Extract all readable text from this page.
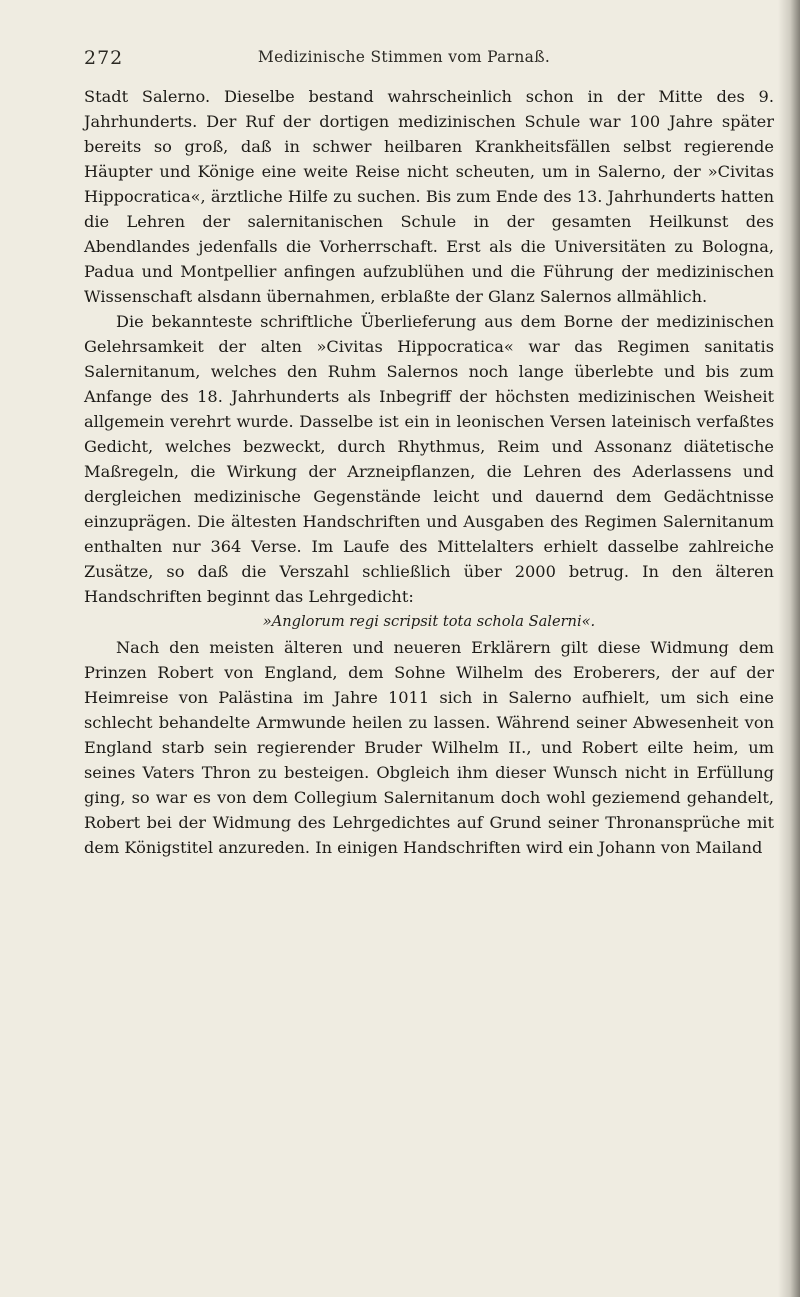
272	Medizinische Stimmen vom Parnaß.

Stadt Salerno. Dieselbe bestand wahrscheinlich schon in der Mitte des 9. Jahrhunderts. Der Ruf der dortigen medizinischen Schule war 100 Jahre später bereits so groß, daß in schwer heilbaren Krankheitsfällen selbst regierende Häupter und Könige eine weite Reise nicht scheuten, um in Salerno, der »Civitas Hippocratica«, ärztliche Hilfe zu suchen. Bis zum Ende des 13. Jahrhunderts hatten die Lehren der salernitanischen Schule in der gesamten Heilkunst des Abendlandes jedenfalls die Vorherrschaft. Erst als die Universitäten zu Bologna, Padua und Montpellier anfingen aufzublühen und die Führung der medizinischen Wissenschaft alsdann übernahmen, erblaßte der Glanz Salernos allmählich.

Die bekannteste schriftliche Überlieferung aus dem Borne der medizinischen Gelehrsamkeit der alten »Civitas Hippocratica« war das Regimen sanitatis Salernitanum, welches den Ruhm Salernos noch lange überlebte und bis zum Anfange des 18. Jahrhunderts als Inbegriff der höchsten medizinischen Weisheit allgemein verehrt wurde. Dasselbe ist ein in leonischen Versen lateinisch verfaßtes Gedicht, welches bezweckt, durch Rhythmus, Reim und Assonanz diätetische Maßregeln, die Wirkung der Arzneipflanzen, die Lehren des Aderlassens und dergleichen medizinische Gegenstände leicht und dauernd dem Gedächtnisse einzuprägen. Die ältesten Handschriften und Ausgaben des Regimen Salernitanum enthalten nur 364 Verse. Im Laufe des Mittelalters erhielt dasselbe zahlreiche Zusätze, so daß die Verszahl schließlich über 2000 betrug. In den älteren Handschriften beginnt das Lehrgedicht:

»Anglorum regi scripsit tota schola Salerni«.

Nach den meisten älteren und neueren Erklärern gilt diese Widmung dem Prinzen Robert von England, dem Sohne Wilhelm des Eroberers, der auf der Heimreise von Palästina im Jahre 1011 sich in Salerno aufhielt, um sich eine schlecht behandelte Armwunde heilen zu lassen. Während seiner Abwesenheit von England starb sein regierender Bruder Wilhelm II., und Robert eilte heim, um seines Vaters Thron zu besteigen. Obgleich ihm dieser Wunsch nicht in Erfüllung ging, so war es von dem Collegium Salernitanum doch wohl geziemend gehandelt, Robert bei der Widmung des Lehrgedichtes auf Grund seiner Thronansprüche mit dem Königstitel anzureden. In einigen Handschriften wird ein Johann von Mailand
